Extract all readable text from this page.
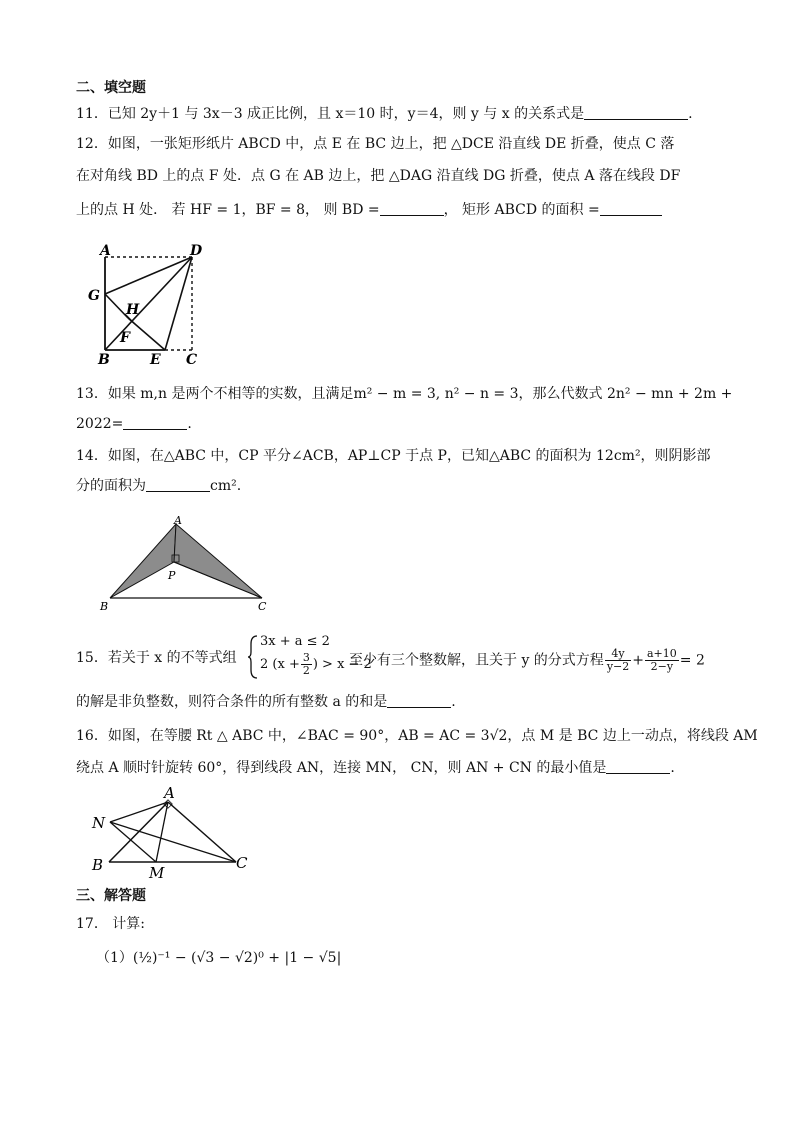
二、填空题
11．已知 2y＋1 与 3x－3 成正比例，且 x＝10 时，y＝4，则 y 与 x 的关系式是	.
12．如图，一张矩形纸片 ABCD 中，点 E 在 BC 边上，把 △DCE 沿直线 DE 折叠，使点 C 落
在对角线 BD 上的点 F 处．点 G 在 AB 边上，把 △DAG 沿直线 DG 折叠，使点 A 落在线段 DF
上的点 H 处． 若 HF = 1，BF = 8， 则 BD =	， 矩形 ABCD 的面积 =
A	D
G
H
F
B	E C
13．如果 m,n 是两个不相等的实数，且满足m² − m = 3, n² − n = 3，那么代数式 2n² − mn + 2m +
2022=	.
14．如图，在△ABC 中，CP 平分∠ACB，AP⊥CP 于点 P，已知△ABC 的面积为 12cm²，则阴影部
分的面积为	cm².
A
P
B	C
15．若关于 x 的不等式组
3x + a ≤ 2
2 ($x + \frac{3}{2}$ ) > x − 2
至少有三个整数解，且关于 y 的分式方程 $\frac{4y}{y-2} + \frac{a+10}{2-y} = 2$
的解是非负整数，则符合条件的所有整数 a 的和是	.
16．如图，在等腰 Rt △ ABC 中，∠BAC = 90°，AB = AC = 3√2，点 M 是 BC 边上一动点，将线段 AM
绕点 A 顺时针旋转 60°，得到线段 AN，连接 MN， CN，则 AN + CN 的最小值是	.
A
N
B	M
C
三、解答题
17． 计算:
（1）(½)⁻¹ − (√3 − √2)⁰ + |1 − √5|
